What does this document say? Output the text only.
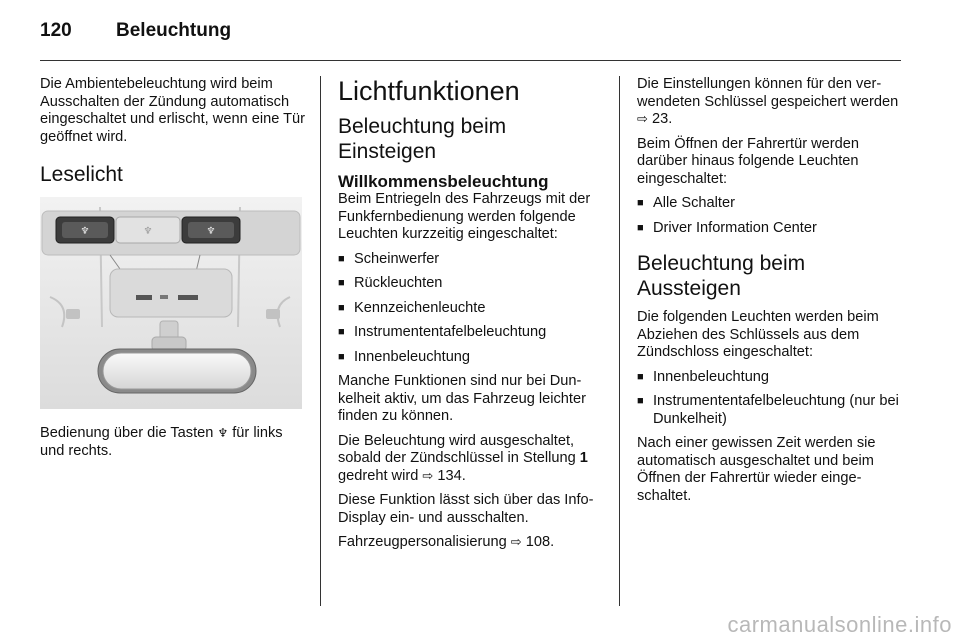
120 Beleuchtung

Die Ambientebeleuchtung wird beim Ausschalten der Zündung automatisch eingeschaltet und erlischt, wenn eine Tür geöffnet wird.

Leselicht
♆	♆
♆

Bedienung über die Tasten ♆ für links und rechts.

Lichtfunktionen
Beleuchtung beim Einsteigen
Willkommensbeleuchtung

Beim Entriegeln des Fahrzeugs mit der Funkfernbedienung werden folgende Leuchten kurzzeitig eingeschaltet:

■ Scheinwerfer
■ Rückleuchten
■ Kennzeichenleuchte
■ Instrumententafelbeleuchtung
■ Innenbeleuchtung

Manche Funktionen sind nur bei Dunkelheit aktiv, um das Fahrzeug leichter finden zu können.

Die Beleuchtung wird ausgeschaltet, sobald der Zündschlüssel in Stellung 1 gedreht wird ⇨ 134.

Diese Funktion lässt sich über das Info-Display ein- und ausschalten.

Fahrzeugpersonalisierung ⇨ 108.

Die Einstellungen können für den verwendeten Schlüssel gespeichert werden ⇨ 23.

Beim Öffnen der Fahrertür werden darüber hinaus folgende Leuchten eingeschaltet:

■ Alle Schalter
■ Driver Information Center
Beleuchtung beim Aussteigen

Die folgenden Leuchten werden beim Abziehen des Schlüssels aus dem Zündschloss eingeschaltet:

■ Innenbeleuchtung
■ Instrumententafelbeleuchtung (nur bei Dunkelheit)

Nach einer gewissen Zeit werden sie automatisch ausgeschaltet und beim Öffnen der Fahrertür wieder eingeschaltet.

carmanualsonline.info
